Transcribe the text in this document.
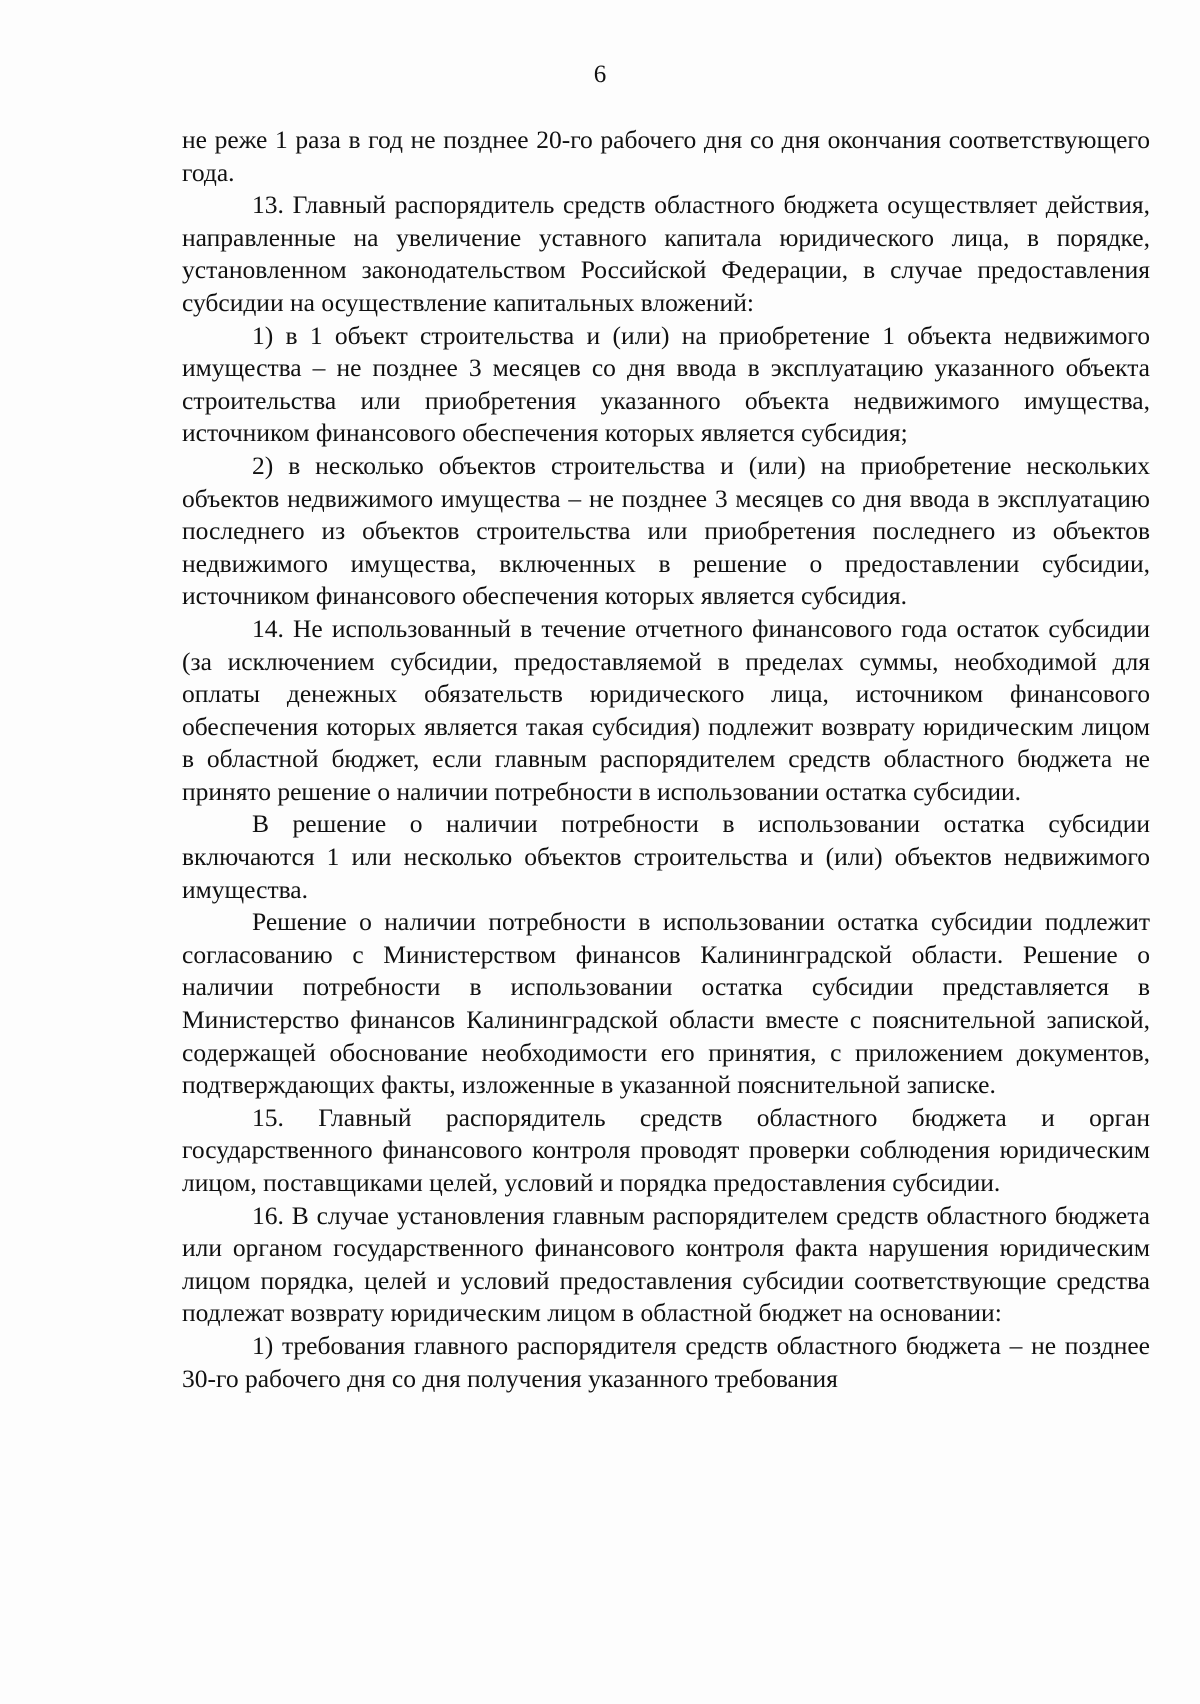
6

не реже 1 раза в год не позднее 20-го рабочего дня со дня окончания соответствующего года.

13. Главный распорядитель средств областного бюджета осуществляет действия, направленные на увеличение уставного капитала юридического лица, в порядке, установленном законодательством Российской Федерации, в случае предоставления субсидии на осуществление капитальных вложений:

1) в 1 объект строительства и (или) на приобретение 1 объекта недвижимого имущества – не позднее 3 месяцев со дня ввода в эксплуатацию указанного объекта строительства или приобретения указанного объекта недвижимого имущества, источником финансового обеспечения которых является субсидия;

2) в несколько объектов строительства и (или) на приобретение нескольких объектов недвижимого имущества – не позднее 3 месяцев со дня ввода в эксплуатацию последнего из объектов строительства или приобретения последнего из объектов недвижимого имущества, включенных в решение о предоставлении субсидии, источником финансового обеспечения которых является субсидия.

14. Не использованный в течение отчетного финансового года остаток субсидии (за исключением субсидии, предоставляемой в пределах суммы, необходимой для оплаты денежных обязательств юридического лица, источником финансового обеспечения которых является такая субсидия) подлежит возврату юридическим лицом в областной бюджет, если главным распорядителем средств областного бюджета не принято решение о наличии потребности в использовании остатка субсидии.

В решение о наличии потребности в использовании остатка субсидии включаются 1 или несколько объектов строительства и (или) объектов недвижимого имущества.

Решение о наличии потребности в использовании остатка субсидии подлежит согласованию с Министерством финансов Калининградской области. Решение о наличии потребности в использовании остатка субсидии представляется в Министерство финансов Калининградской области вместе с пояснительной запиской, содержащей обоснование необходимости его принятия, с приложением документов, подтверждающих факты, изложенные в указанной пояснительной записке.

15. Главный распорядитель средств областного бюджета и орган государственного финансового контроля проводят проверки соблюдения юридическим лицом, поставщиками целей, условий и порядка предоставления субсидии.

16. В случае установления главным распорядителем средств областного бюджета или органом государственного финансового контроля факта нарушения юридическим лицом порядка, целей и условий предоставления субсидии соответствующие средства подлежат возврату юридическим лицом в областной бюджет на основании:

1) требования главного распорядителя средств областного бюджета – не позднее 30-го рабочего дня со дня получения указанного требования
